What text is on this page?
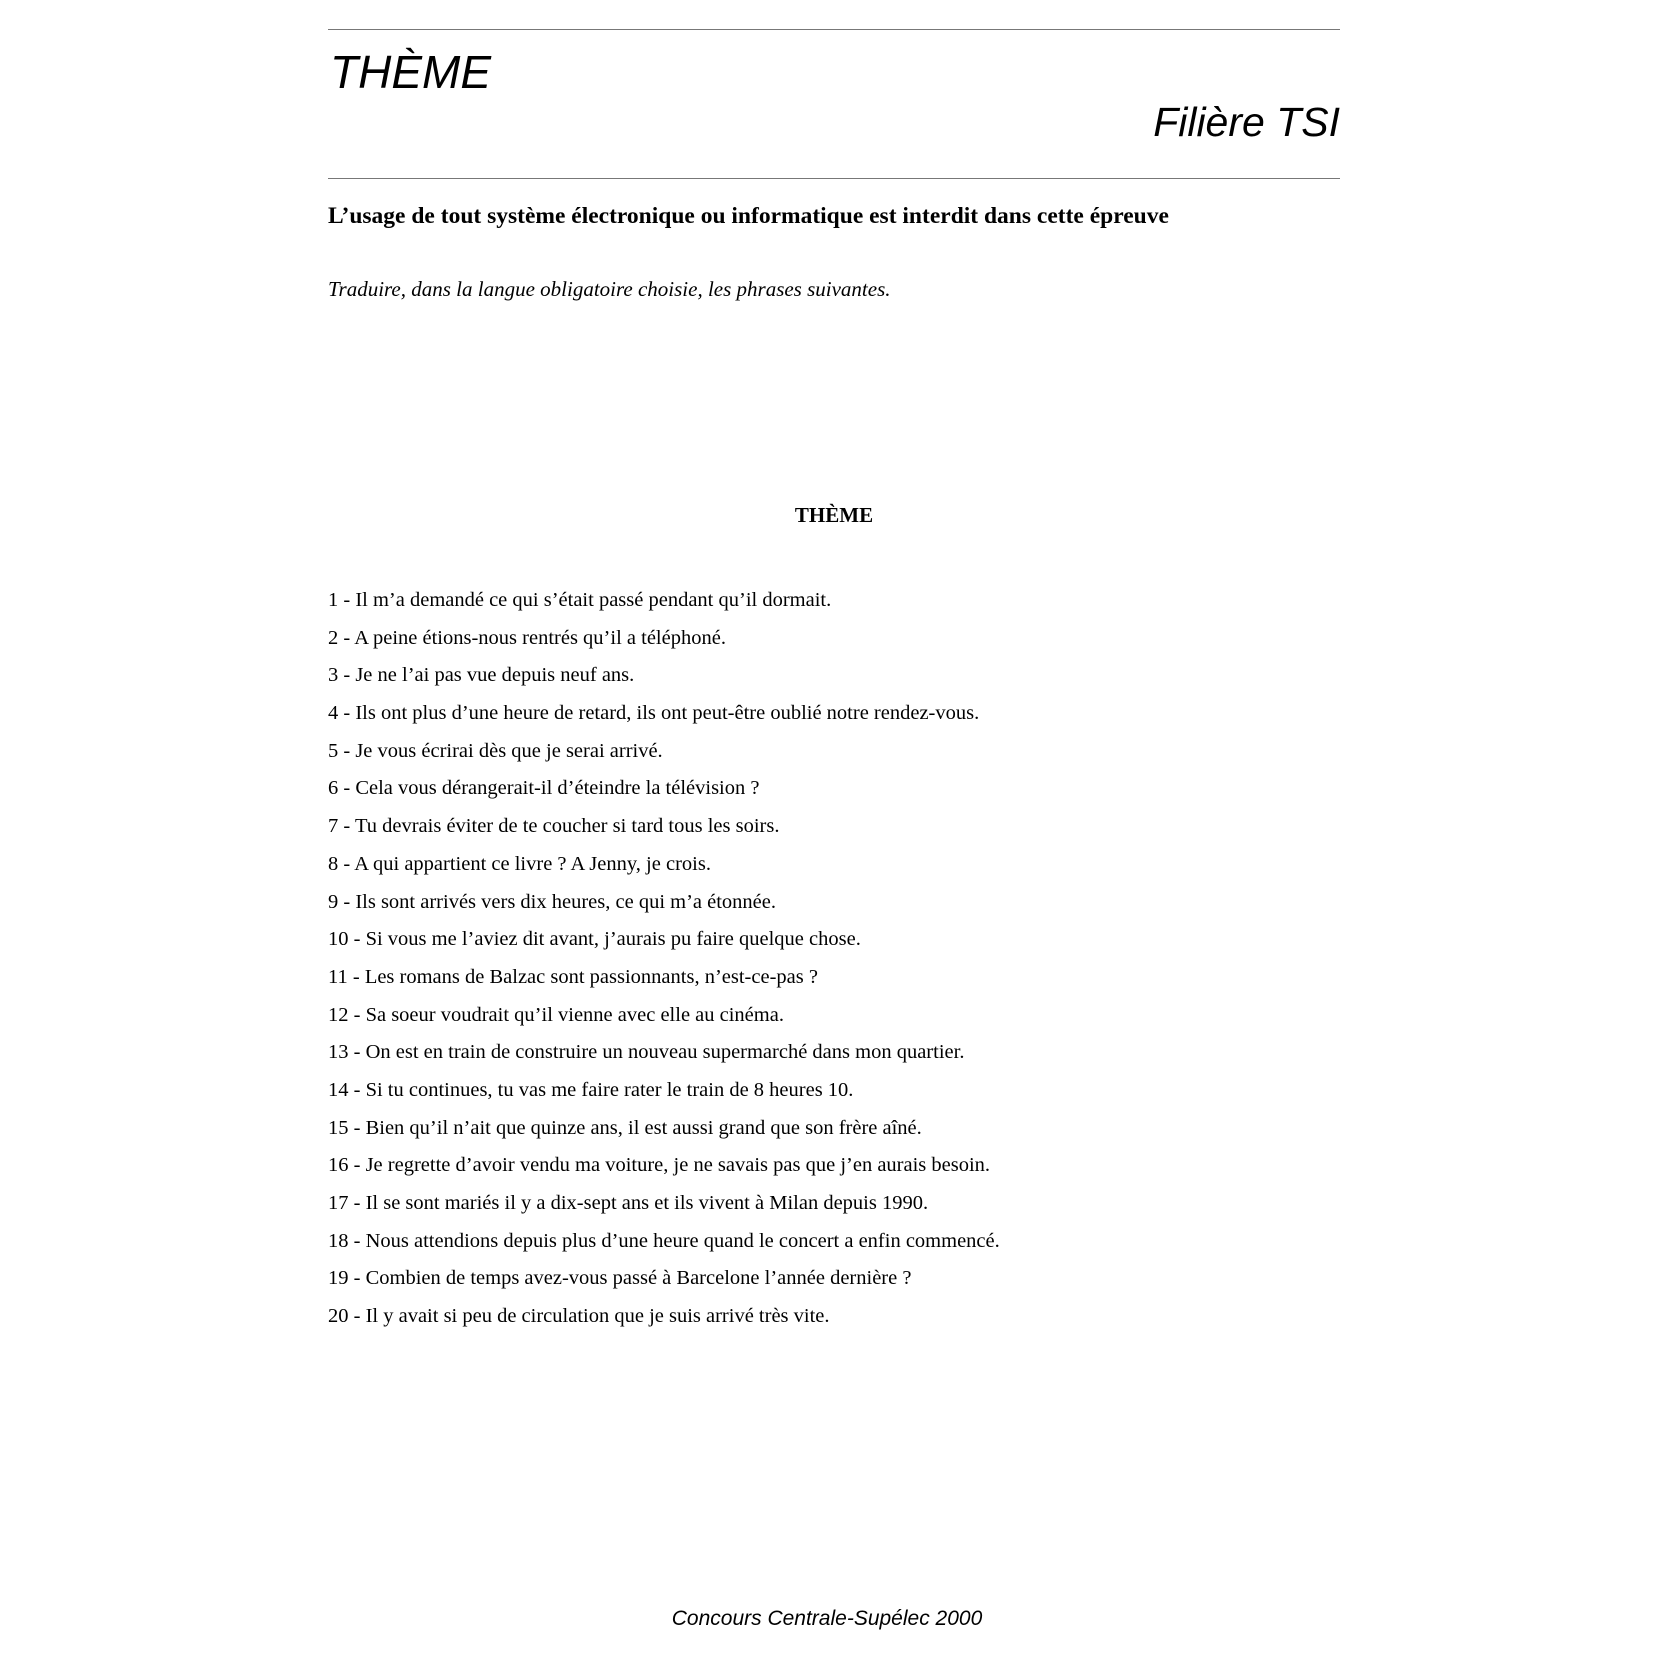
THÈME
Filière TSI
L’usage de tout système électronique ou informatique est interdit dans cette épreuve
Traduire, dans la langue obligatoire choisie, les phrases suivantes.
THÈME
1 - Il m’a demandé ce qui s’était passé pendant qu’il dormait.
2 - A peine étions-nous rentrés qu’il a téléphoné.
3 - Je ne l’ai pas vue depuis neuf ans.
4 - Ils ont plus d’une heure de retard, ils ont peut-être oublié notre rendez-vous.
5 - Je vous écrirai dès que je serai arrivé.
6 - Cela vous dérangerait-il d’éteindre la télévision ?
7 - Tu devrais éviter de te coucher si tard tous les soirs.
8 - A qui appartient ce livre ? A Jenny, je crois.
9 - Ils sont arrivés vers dix heures, ce qui m’a étonnée.
10 - Si vous me l’aviez dit avant, j’aurais pu faire quelque chose.
11 - Les romans de Balzac sont passionnants, n’est-ce-pas ?
12 - Sa soeur voudrait qu’il vienne avec elle au cinéma.
13 - On est en train de construire un nouveau supermarché dans mon quartier.
14 - Si tu continues, tu vas me faire rater le train de 8 heures 10.
15 - Bien qu’il n’ait que quinze ans, il est aussi grand que son frère aîné.
16 - Je regrette d’avoir vendu ma voiture, je ne savais pas que j’en aurais besoin.
17 - Il se sont mariés il y a dix-sept ans et ils vivent à Milan depuis 1990.
18 - Nous attendions depuis plus d’une heure quand le concert a enfin commencé.
19 - Combien de temps avez-vous passé à Barcelone l’année dernière ?
20 - Il y avait si peu de circulation que je suis arrivé très vite.
Concours Centrale-Supélec 2000
